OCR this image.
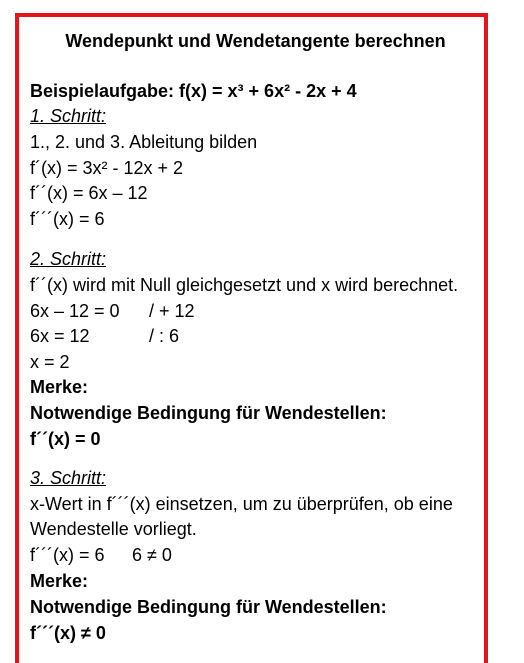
Wendepunkt und Wendetangente berechnen
Beispielaufgabe: f(x) = x³ + 6x² - 2x + 4
1. Schritt:
1., 2. und 3. Ableitung bilden
f´(x) = 3x² - 12x + 2
f´´(x) = 6x – 12
f´´´(x) = 6
2. Schritt:
f´´(x) wird mit Null gleichgesetzt und x wird berechnet.

6x – 12 = 0

/ + 12

6x = 12

	/ : 6

x = 2
Merke:
Notwendige Bedingung für Wendestellen:
f´´(x) = 0
3. Schritt:
x-Wert in f´´´(x) einsetzen, um zu überprüfen, ob eine
Wendestelle vorliegt.

f´´´(x) = 6

6 ≠ 0

Merke:
Notwendige Bedingung für Wendestellen:
f´´´(x) ≠ 0
